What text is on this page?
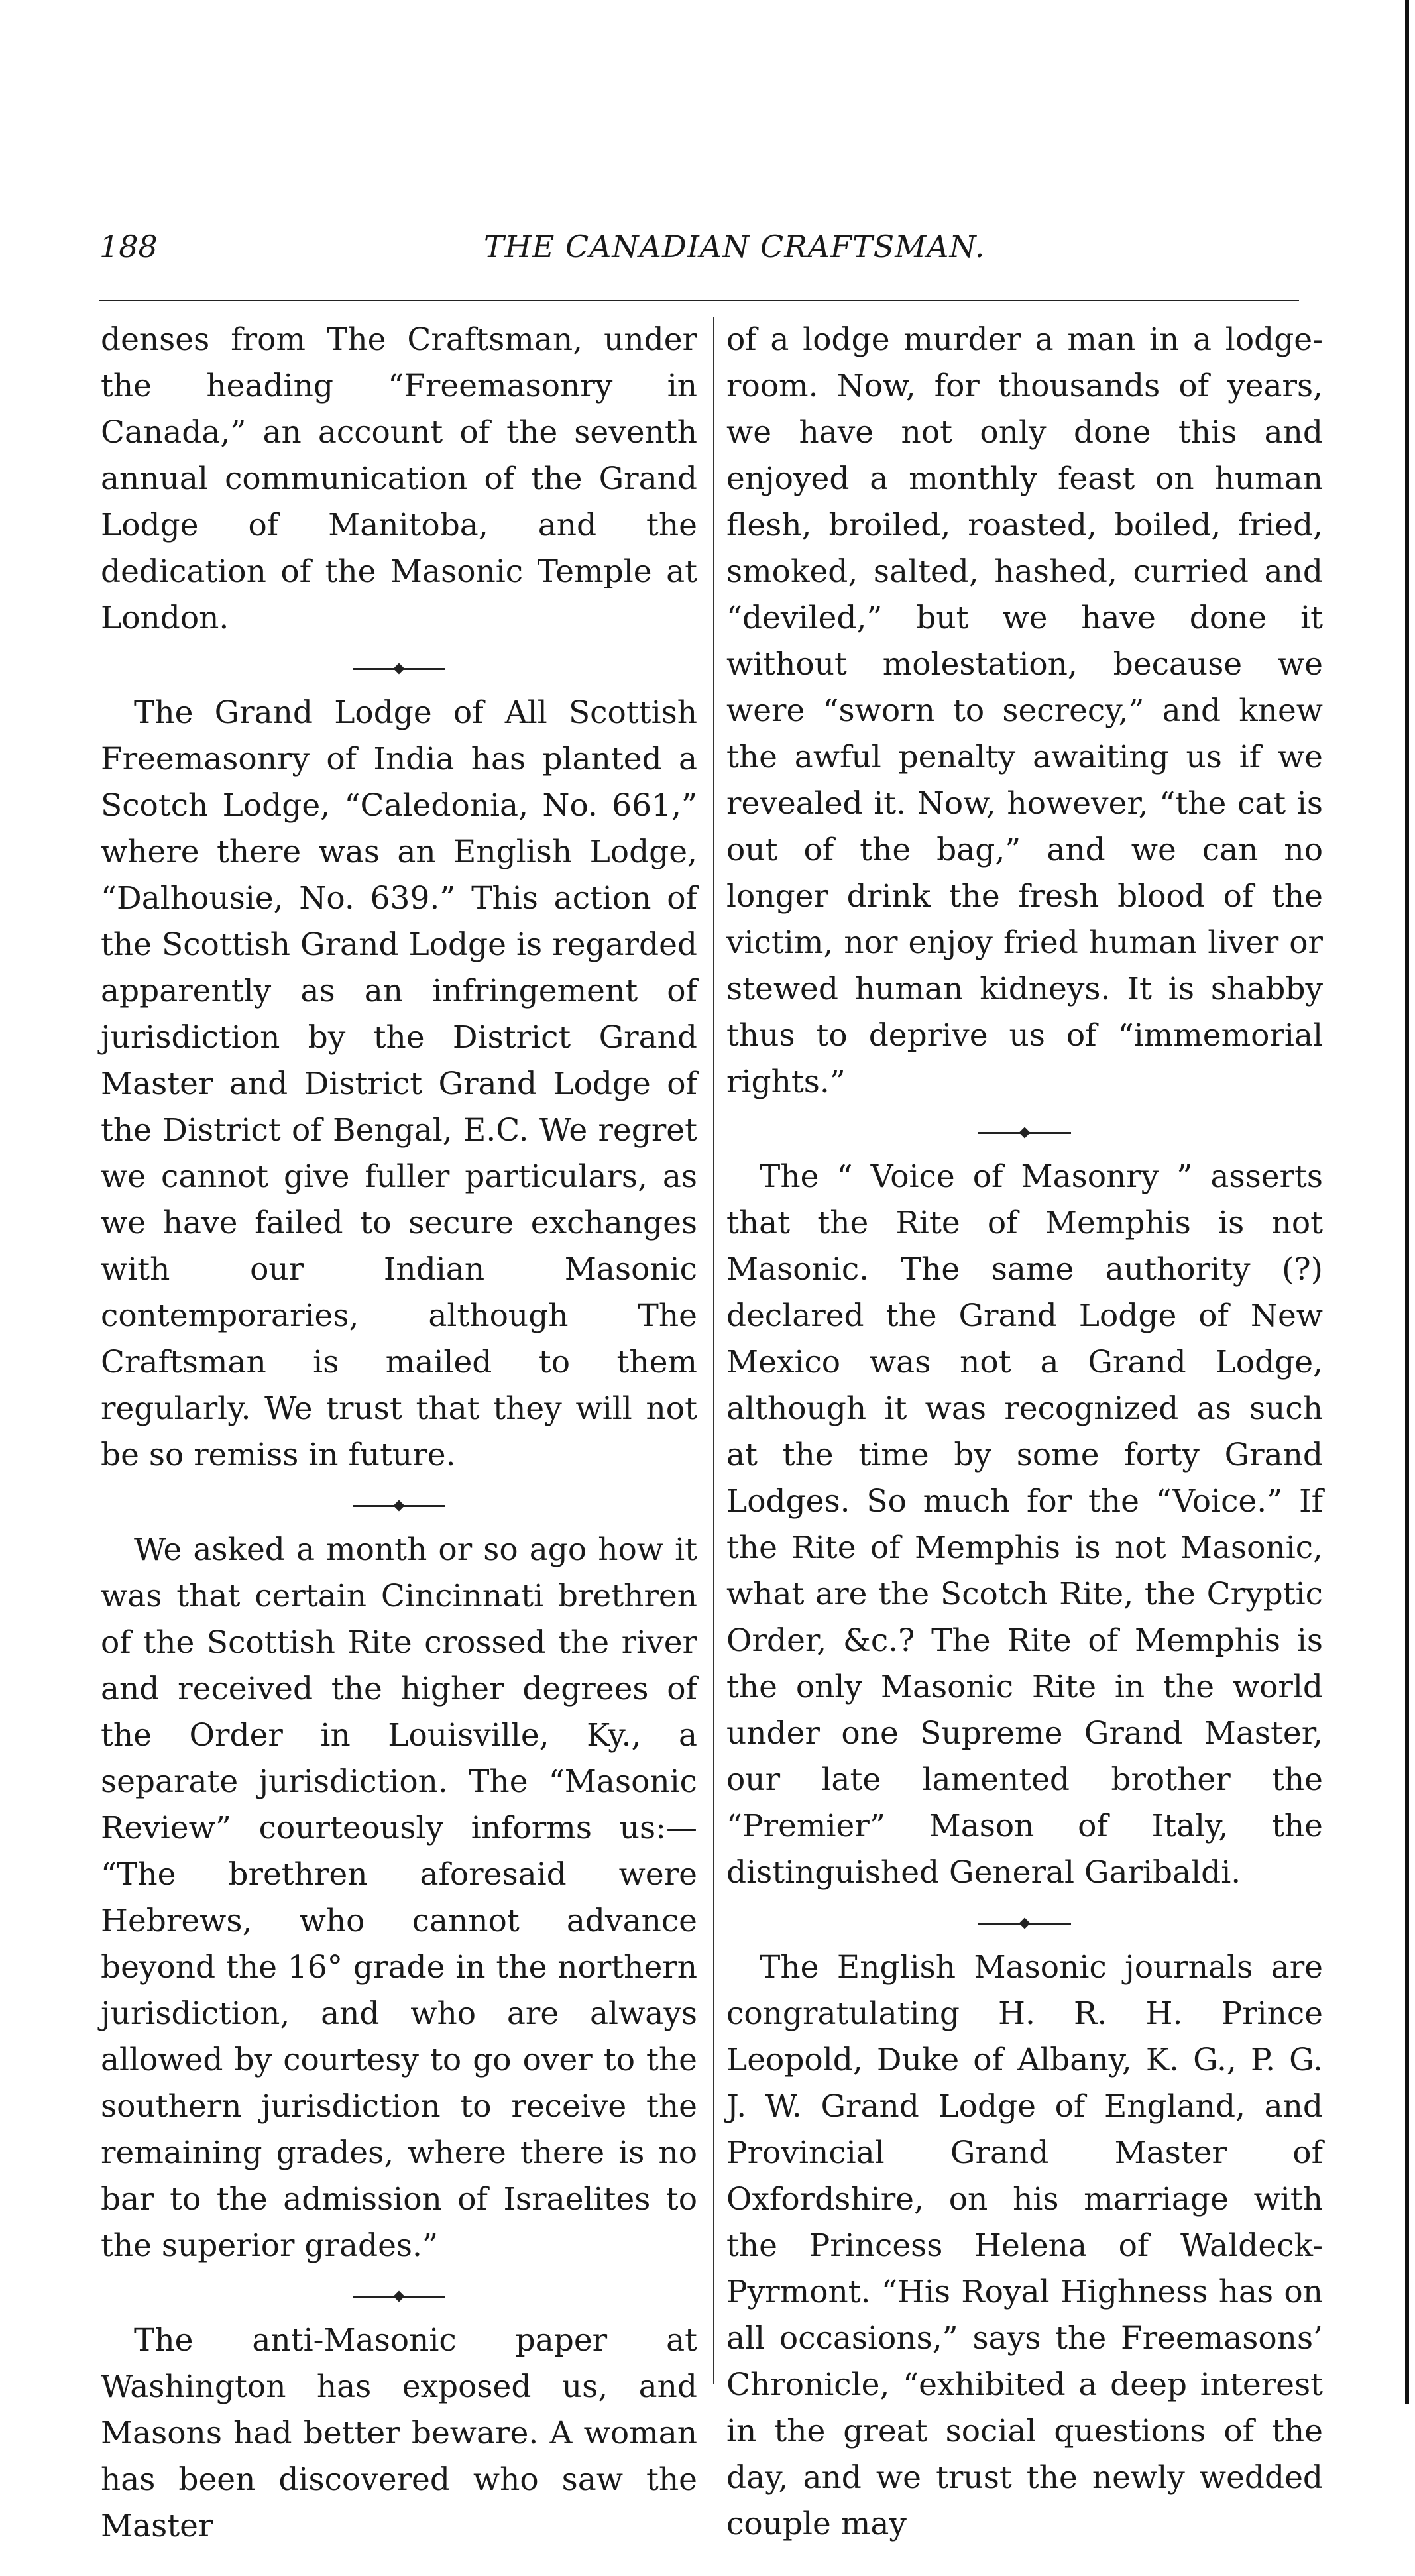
188	THE CANADIAN CRAFTSMAN.

denses from The Craftsman, under the heading “Freemasonry in Canada,” an account of the seventh annual communication of the Grand Lodge of Manitoba, and the dedication of the Masonic Temple at London.

The Grand Lodge of All Scottish Freemasonry of India has planted a Scotch Lodge, “Caledonia, No. 661,” where there was an English Lodge, “Dalhousie, No. 639.” This action of the Scottish Grand Lodge is regarded apparently as an infringement of jurisdiction by the District Grand Master and District Grand Lodge of the District of Bengal, E.C. We regret we cannot give fuller particulars, as we have failed to secure exchanges with our Indian Masonic contemporaries, although The Craftsman is mailed to them regularly. We trust that they will not be so remiss in future.

We asked a month or so ago how it was that certain Cincinnati brethren of the Scottish Rite crossed the river and received the higher degrees of the Order in Louisville, Ky., a separate jurisdiction. The “Masonic Review” courteously informs us:— “The brethren aforesaid were Hebrews, who cannot advance beyond the 16° grade in the northern jurisdiction, and who are always allowed by courtesy to go over to the southern jurisdiction to receive the remaining grades, where there is no bar to the admission of Israelites to the superior grades.”

The anti-Masonic paper at Washington has exposed us, and Masons had better beware. A woman has been discovered who saw the Master

of a lodge murder a man in a lodge-room. Now, for thousands of years, we have not only done this and enjoyed a monthly feast on human flesh, broiled, roasted, boiled, fried, smoked, salted, hashed, curried and “deviled,” but we have done it without molestation, because we were “sworn to secrecy,” and knew the awful penalty awaiting us if we revealed it. Now, however, “the cat is out of the bag,” and we can no longer drink the fresh blood of the victim, nor enjoy fried human liver or stewed human kidneys. It is shabby thus to deprive us of “immemorial rights.”

The “ Voice of Masonry ” asserts that the Rite of Memphis is not Masonic. The same authority (?) declared the Grand Lodge of New Mexico was not a Grand Lodge, although it was recognized as such at the time by some forty Grand Lodges. So much for the “Voice.” If the Rite of Memphis is not Masonic, what are the Scotch Rite, the Cryptic Order, &c.? The Rite of Memphis is the only Masonic Rite in the world under one Supreme Grand Master, our late lamented brother the “Premier” Mason of Italy, the distinguished General Garibaldi.

The English Masonic journals are congratulating H. R. H. Prince Leopold, Duke of Albany, K. G., P. G. J. W. Grand Lodge of England, and Provincial Grand Master of Oxfordshire, on his marriage with the Princess Helena of Waldeck-Pyrmont. “His Royal Highness has on all occasions,” says the Freemasons’ Chronicle, “exhibited a deep interest in the great social questions of the day, and we trust the newly wedded couple may
